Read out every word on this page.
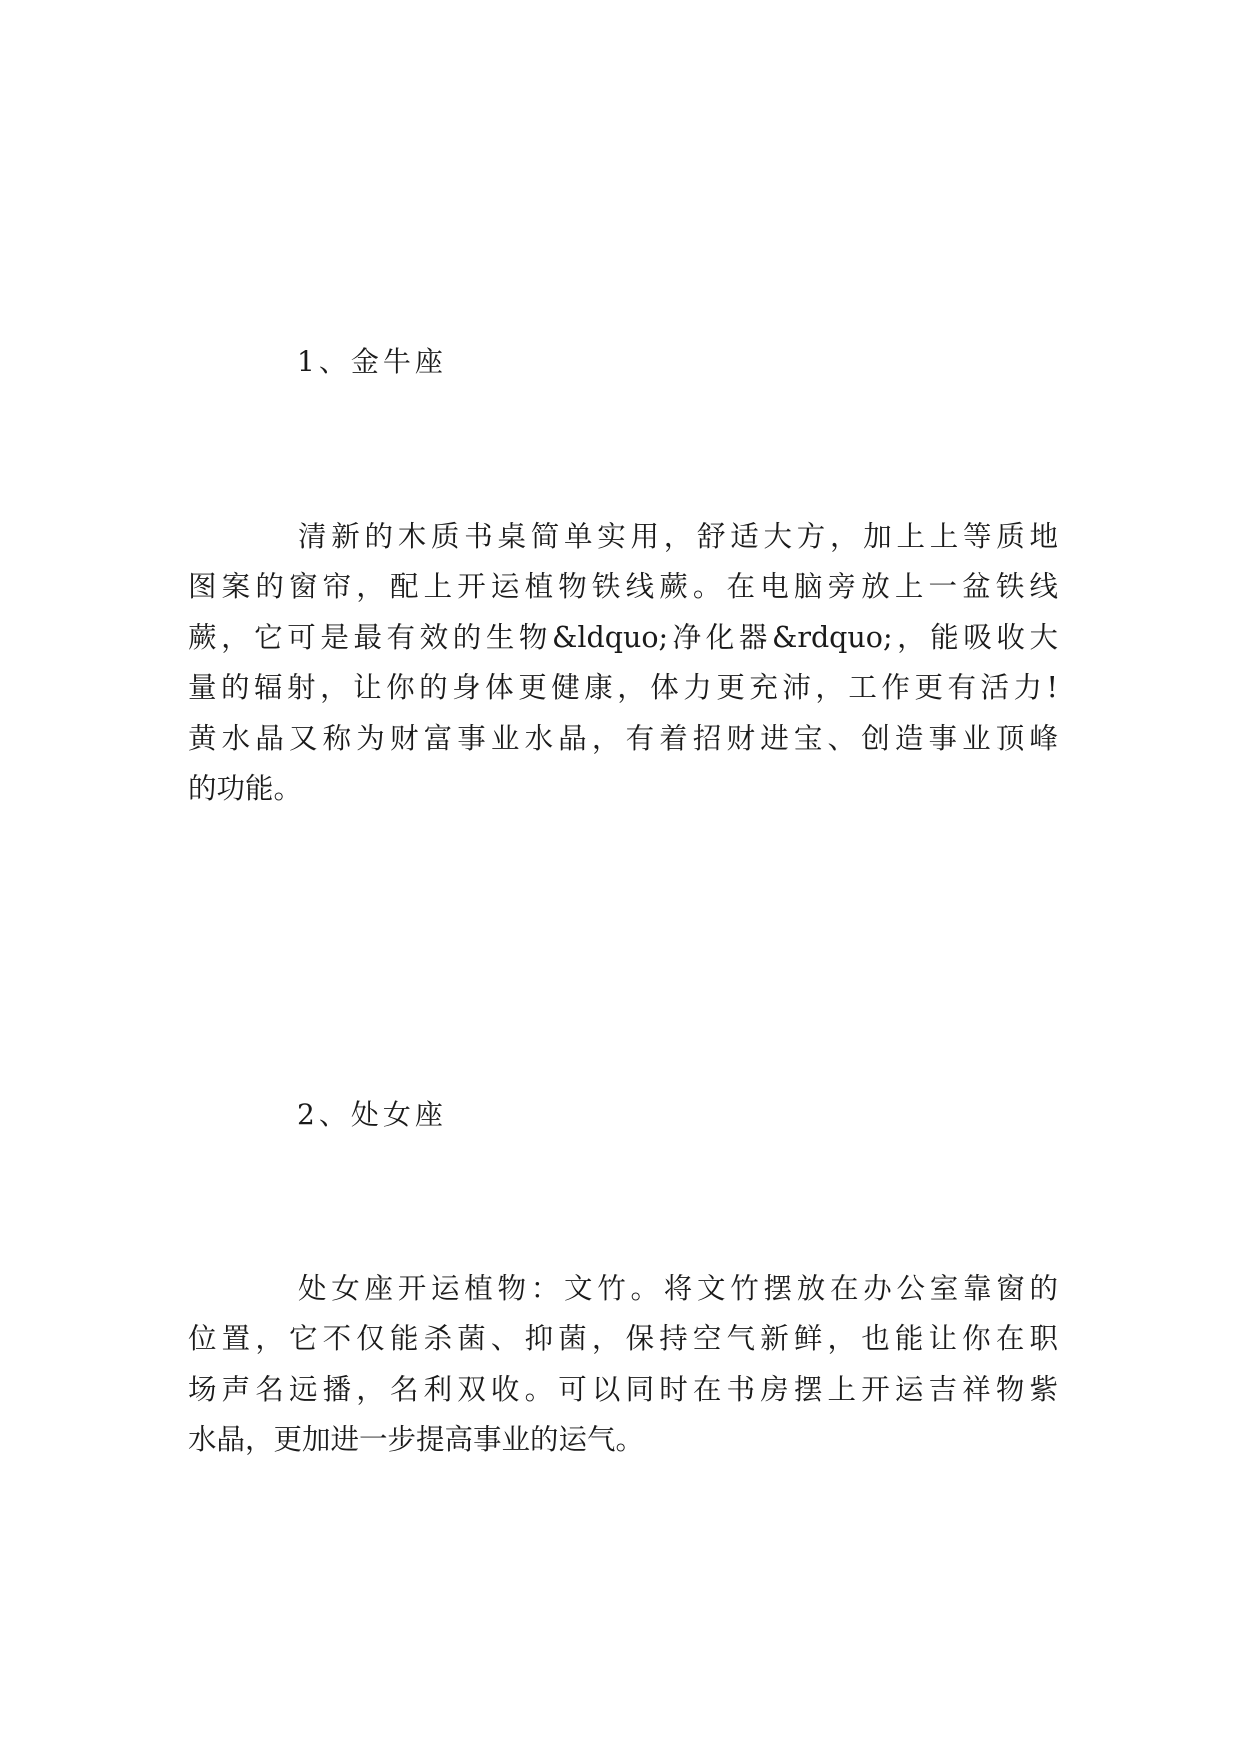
1、金牛座
清新的木质书桌简单实用，舒适大方，加上上等质地
图案的窗帘，配上开运植物铁线蕨。在电脑旁放上一盆铁线
蕨，它可是最有效的生物&ldquo;净化器&rdquo;，能吸收大
量的辐射，让你的身体更健康，体力更充沛，工作更有活力!
黄水晶又称为财富事业水晶，有着招财进宝、创造事业顶峰
的功能。
2、处女座
处女座开运植物：文竹。将文竹摆放在办公室靠窗的
位置，它不仅能杀菌、抑菌，保持空气新鲜，也能让你在职
场声名远播，名利双收。可以同时在书房摆上开运吉祥物紫
水晶，更加进一步提高事业的运气。
